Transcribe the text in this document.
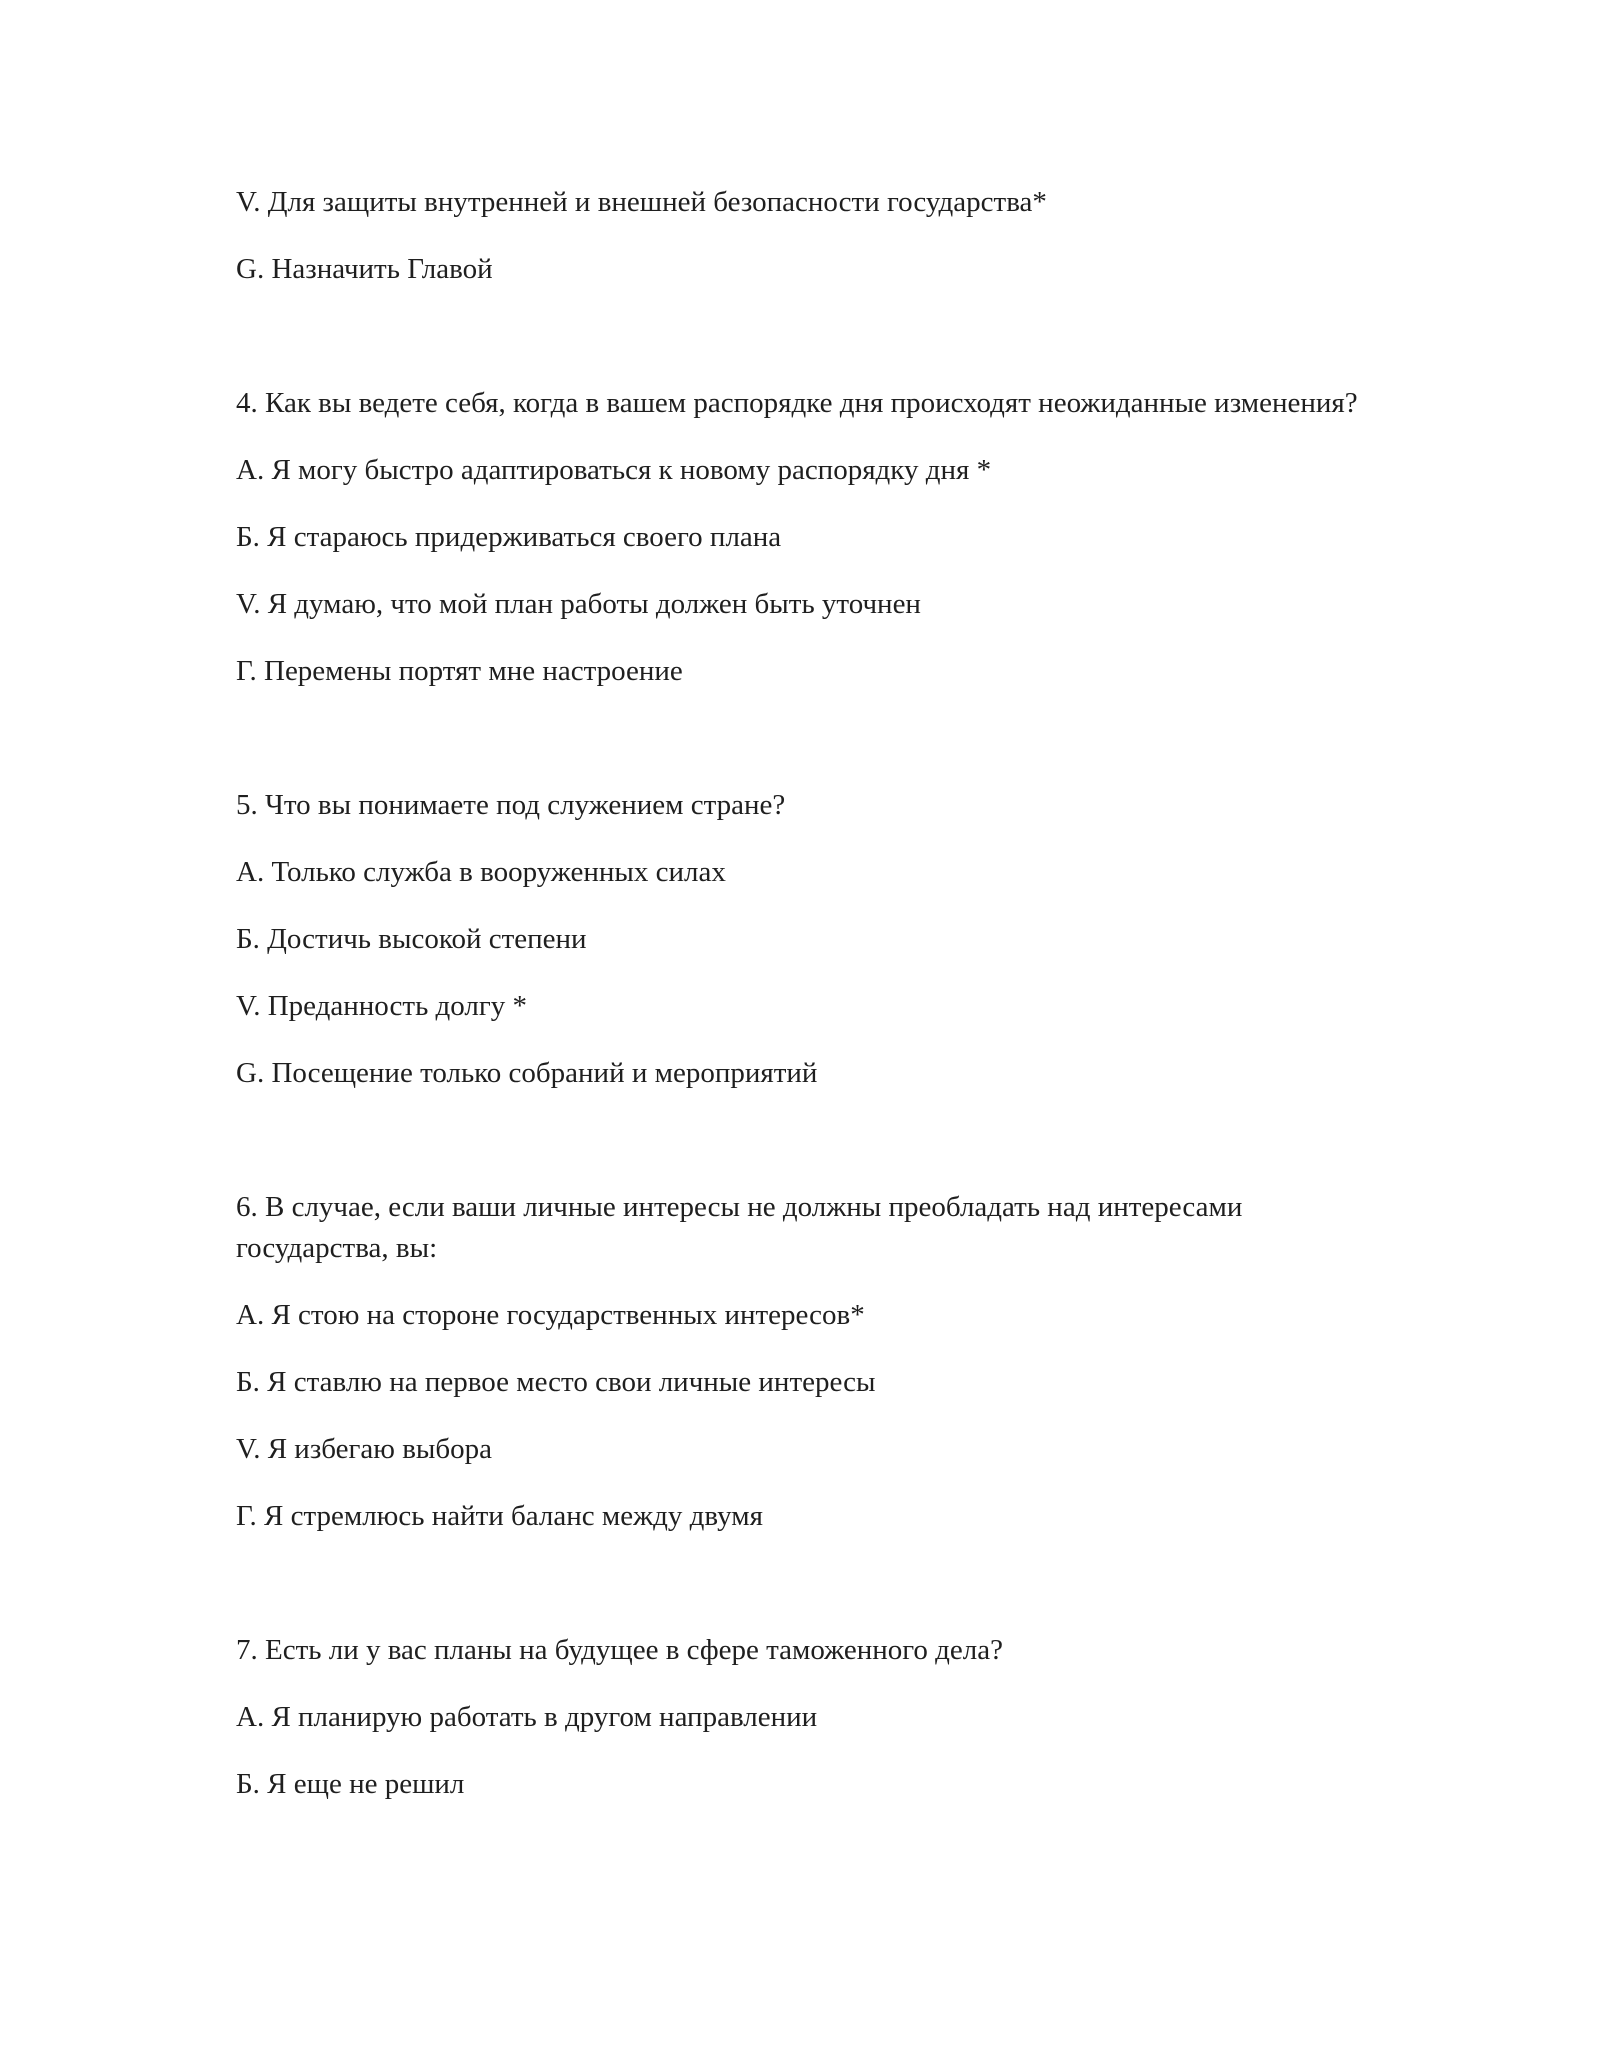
V. Для защиты внутренней и внешней безопасности государства*

G. Назначить Главой

4. Как вы ведете себя, когда в вашем распорядке дня происходят неожиданные изменения?

А. Я могу быстро адаптироваться к новому распорядку дня *

Б. Я стараюсь придерживаться своего плана

V. Я думаю, что мой план работы должен быть уточнен

Г. Перемены портят мне настроение

5. Что вы понимаете под служением стране?

А. Только служба в вооруженных силах

Б. Достичь высокой степени

V. Преданность долгу *

G. Посещение только собраний и мероприятий

6. В случае, если ваши личные интересы не должны преобладать над интересами государства, вы:

А. Я стою на стороне государственных интересов*

Б. Я ставлю на первое место свои личные интересы

V. Я избегаю выбора

Г. Я стремлюсь найти баланс между двумя

7. Есть ли у вас планы на будущее в сфере таможенного дела?

А. Я планирую работать в другом направлении

Б. Я еще не решил
